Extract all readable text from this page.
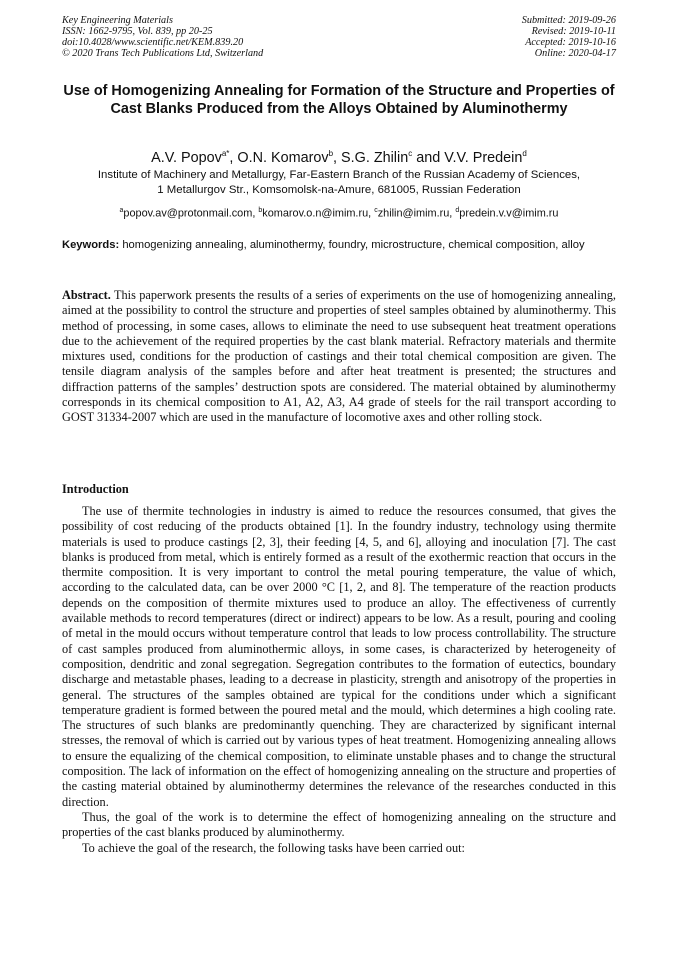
Key Engineering Materials
ISSN: 1662-9795, Vol. 839, pp 20-25
doi:10.4028/www.scientific.net/KEM.839.20
© 2020 Trans Tech Publications Ltd, Switzerland
Submitted: 2019-09-26
Revised: 2019-10-11
Accepted: 2019-10-16
Online: 2020-04-17
Use of Homogenizing Annealing for Formation of the Structure and Properties of Cast Blanks Produced from the Alloys Obtained by Aluminothermy
A.V. Popov$^{a*}$, O.N. Komarov$^b$, S.G. Zhilin$^c$ and V.V. Predein$^d$
Institute of Machinery and Metallurgy, Far-Eastern Branch of the Russian Academy of Sciences,
1 Metallurgov Str., Komsomolsk-na-Amure, 681005, Russian Federation
$^a$popov.av@protonmail.com, $^b$komarov.o.n@imim.ru, $^c$zhilin@imim.ru, $^d$predein.v.v@imim.ru
Keywords: homogenizing annealing, aluminothermy, foundry, microstructure, chemical composition, alloy
Abstract. This paperwork presents the results of a series of experiments on the use of homogenizing annealing, aimed at the possibility to control the structure and properties of steel samples obtained by aluminothermy. This method of processing, in some cases, allows to eliminate the need to use subsequent heat treatment operations due to the achievement of the required properties by the cast blank material. Refractory materials and thermite mixtures used, conditions for the production of castings and their total chemical composition are given. The tensile diagram analysis of the samples before and after heat treatment is presented; the structures and diffraction patterns of the samples’ destruction spots are considered. The material obtained by aluminothermy corresponds in its chemical composition to A1, A2, A3, A4 grade of steels for the rail transport according to GOST 31334-2007 which are used in the manufacture of locomotive axes and other rolling stock.
Introduction

The use of thermite technologies in industry is aimed to reduce the resources consumed, that gives the possibility of cost reducing of the products obtained [1]. In the foundry industry, technology using thermite materials is used to produce castings [2, 3], their feeding [4, 5, and 6], alloying and inoculation [7]. The cast blanks is produced from metal, which is entirely formed as a result of the exothermic reaction that occurs in the thermite composition. It is very important to control the metal pouring temperature, the value of which, according to the calculated data, can be over 2000 °C [1, 2, and 8]. The temperature of the reaction products depends on the composition of thermite mixtures used to produce an alloy. The effectiveness of currently available methods to record temperatures (direct or indirect) appears to be low. As a result, pouring and cooling of metal in the mould occurs without temperature control that leads to low process controllability. The structure of cast samples produced from aluminothermic alloys, in some cases, is characterized by heterogeneity of composition, dendritic and zonal segregation. Segregation contributes to the formation of eutectics, boundary discharge and metastable phases, leading to a decrease in plasticity, strength and anisotropy of the properties in general. The structures of the samples obtained are typical for the conditions under which a significant temperature gradient is formed between the poured metal and the mould, which determines a high cooling rate. The structures of such blanks are predominantly quenching. They are characterized by significant internal stresses, the removal of which is carried out by various types of heat treatment. Homogenizing annealing allows to ensure the equalizing of the chemical composition, to eliminate unstable phases and to change the structural composition. The lack of information on the effect of homogenizing annealing on the structure and properties of the casting material obtained by aluminothermy determines the relevance of the researches conducted in this direction.

Thus, the goal of the work is to determine the effect of homogenizing annealing on the structure and properties of the cast blanks produced by aluminothermy.

To achieve the goal of the research, the following tasks have been carried out:
